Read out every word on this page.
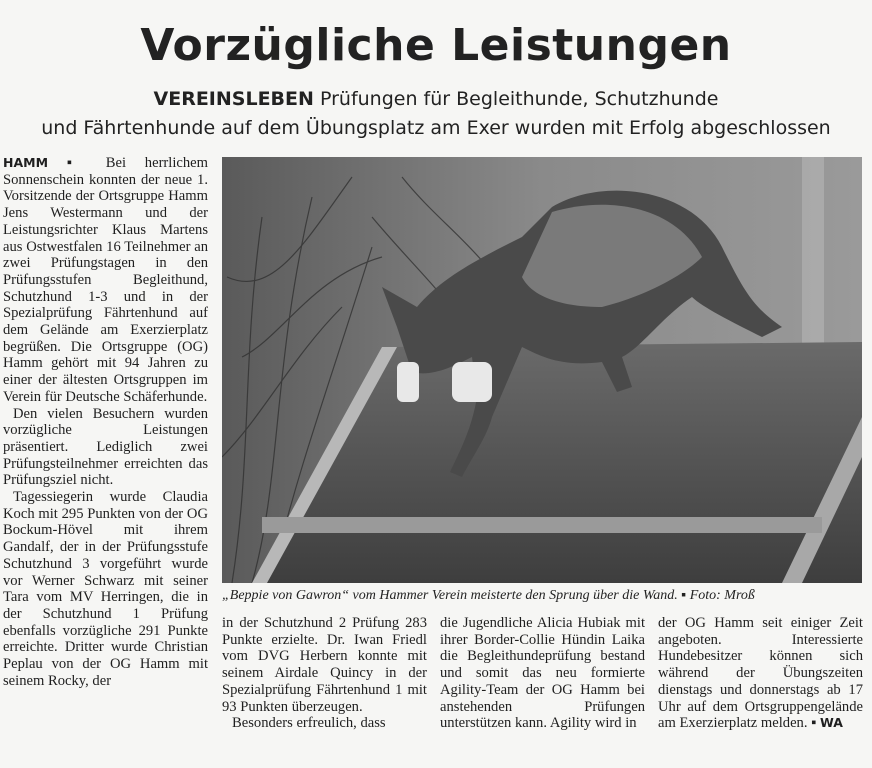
Vorzügliche Leistungen
VEREINSLEBEN Prüfungen für Begleithunde, Schutzhunde
und Fährtenhunde auf dem Übungsplatz am Exer wurden mit Erfolg abgeschlossen

HAMM ▪ Bei herrlichem Sonnenschein konnten der neue 1. Vorsitzende der Ortsgruppe Hamm Jens Westermann und der Leistungsrichter Klaus Martens aus Ostwestfalen 16 Teilnehmer an zwei Prüfungstagen in den Prüfungsstufen Begleithund, Schutzhund 1-3 und in der Spezialprüfung Fährtenhund auf dem Gelände am Exerzierplatz begrüßen. Die Ortsgruppe (OG) Hamm gehört mit 94 Jahren zu einer der ältesten Ortsgruppen im Verein für Deutsche Schäferhunde.

Den vielen Besuchern wurden vorzügliche Leistungen präsentiert. Lediglich zwei Prüfungsteilnehmer erreichten das Prüfungsziel nicht.

Tagessiegerin wurde Claudia Koch mit 295 Punkten von der OG Bockum-Hövel mit ihrem Gandalf, der in der Prüfungsstufe Schutzhund 3 vorgeführt wurde vor Werner Schwarz mit seiner Tara vom MV Herringen, die in der Schutzhund 1 Prüfung ebenfalls vorzügliche 291 Punkte erreichte. Dritter wurde Christian Peplau von der OG Hamm mit seinem Rocky, der

„Beppie von Gawron“ vom Hammer Verein meisterte den Sprung über die Wand. ▪ Foto: Mroß

in der Schutzhund 2 Prüfung 283 Punkte erzielte. Dr. Iwan Friedl vom DVG Herbern konnte mit seinem Airdale Quincy in der Spezialprüfung Fährtenhund 1 mit 93 Punkten überzeugen.

Besonders erfreulich, dass

die Jugendliche Alicia Hubiak mit ihrer Border-Collie Hündin Laika die Begleithundeprüfung bestand und somit das neu formierte Agility-Team der OG Hamm bei anstehenden Prüfungen unterstützen kann. Agility wird in

der OG Hamm seit einiger Zeit angeboten. Interessierte Hundebesitzer können sich während der Übungszeiten dienstags und donnerstags ab 17 Uhr auf dem Ortsgruppengelände am Exerzierplatz melden. ▪ WA
